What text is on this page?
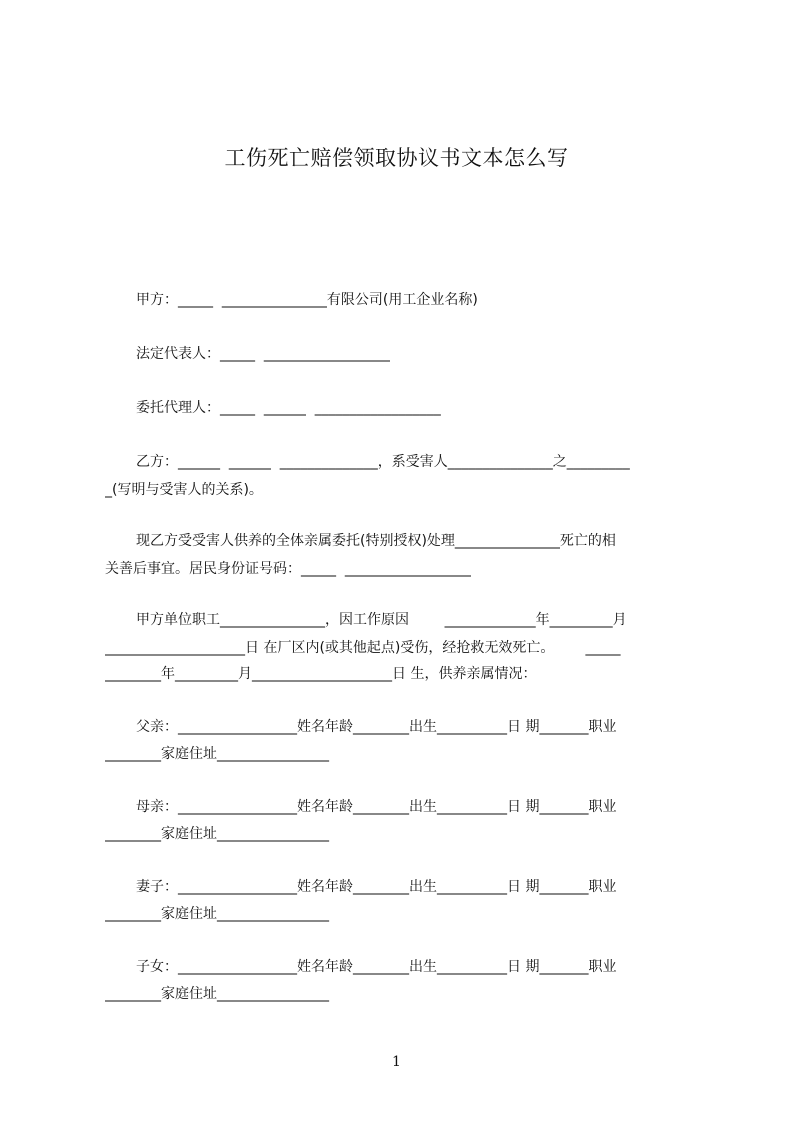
工伤死亡赔偿领取协议书文本怎么写
甲方：_____  _______________有限公司(用工企业名称)
法定代表人：_____  __________________
委托代理人：_____  ______  __________________
乙方：______  ______  ______________，系受害人_______________之_________
_(写明与受害人的关系)。
现乙方受受害人供养的全体亲属委托(特别授权)处理_______________死亡的相
关善后事宜。居民身份证号码：_____  __________________
甲方单位职工_______________，因工作原因        _____________年_________月
____________________日 在厂区内(或其他起点)受伤，经抢救无效死亡。       _____
________年_________月____________________日 生，供养亲属情况：
父亲：_________________姓名年龄________出生__________日 期_______职业
________家庭住址________________
母亲：_________________姓名年龄________出生__________日 期_______职业
________家庭住址________________
妻子：_________________姓名年龄________出生__________日 期_______职业
________家庭住址________________
子女：_________________姓名年龄________出生__________日 期_______职业
________家庭住址________________
1
